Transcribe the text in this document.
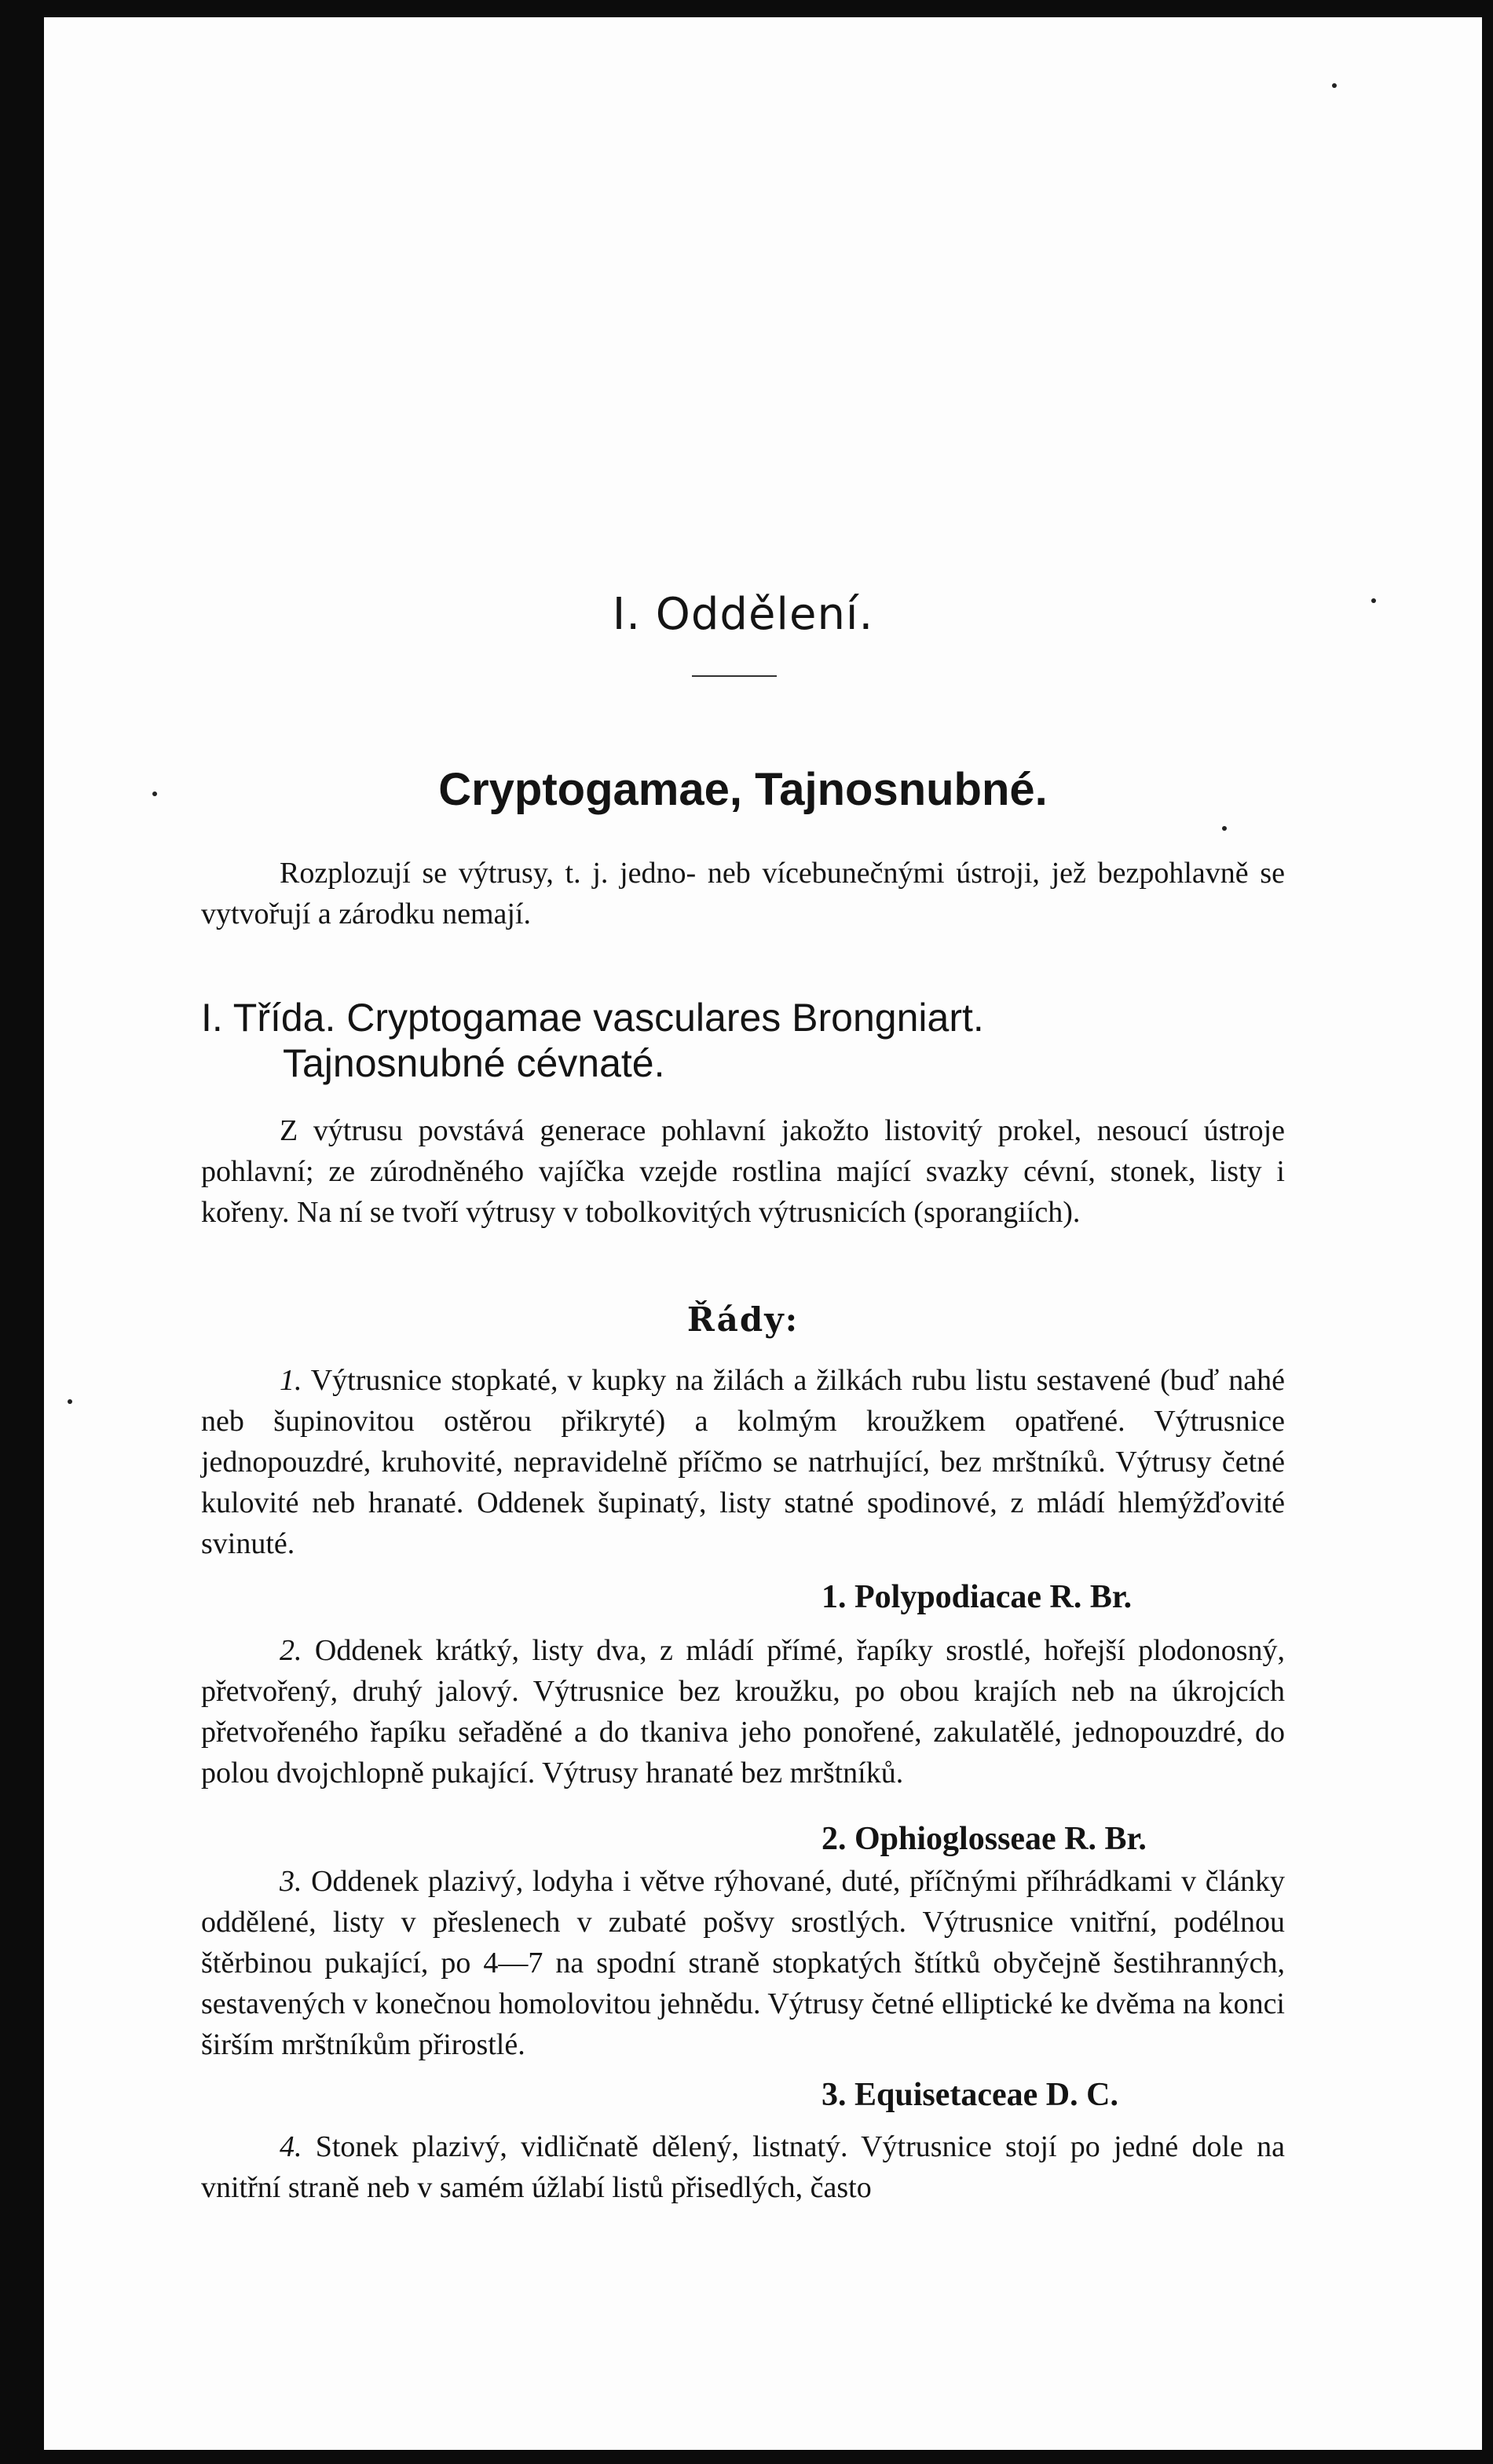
I. Oddělení.
Cryptogamae, Tajnosnubné.

Rozplozují se výtrusy, t. j. jedno- neb vícebunečnými ústroji, jež bezpohlavně se vytvořují a zárodku nemají.

I. Třída. Cryptogamae vasculares Brongniart.
Tajnosnubné cévnaté.

Z výtrusu povstává generace pohlavní jakožto listovitý prokel, nesoucí ústroje pohlavní; ze zúrodněného vajíčka vzejde rostlina mající svazky cévní, stonek, listy i kořeny. Na ní se tvoří výtrusy v tobolkovitých výtrusnicích (sporangiích).

Řády:

1. Výtrusnice stopkaté, v kupky na žilách a žilkách rubu listu sestavené (buď nahé neb šupinovitou ostěrou přikryté) a kolmým kroužkem opatřené. Výtrusnice jednopouzdré, kruhovité, nepravidelně příčmo se natrhující, bez mrštníků. Výtrusy četné kulovité neb hranaté. Oddenek šupinatý, listy statné spodinové, z mládí hlemýžďovité svinuté.

1. Polypodiacae R. Br.

2. Oddenek krátký, listy dva, z mládí přímé, řapíky srostlé, hořejší plodonosný, přetvořený, druhý jalový. Výtrusnice bez kroužku, po obou krajích neb na úkrojcích přetvořeného řapíku seřaděné a do tkaniva jeho ponořené, zakulatělé, jednopouzdré, do polou dvojchlopně pukající. Výtrusy hranaté bez mrštníků.

2. Ophioglosseae R. Br.

3. Oddenek plazivý, lodyha i větve rýhované, duté, příčnými příhrádkami v články oddělené, listy v přeslenech v zubaté pošvy srostlých. Výtrusnice vnitřní, podélnou štěrbinou pukající, po 4—7 na spodní straně stopkatých štítků obyčejně šestihranných, sestavených v konečnou homolovitou jehnědu. Výtrusy četné elliptické ke dvěma na konci širším mrštníkům přirostlé.

3. Equisetaceae D. C.

4. Stonek plazivý, vidličnatě dělený, listnatý. Výtrusnice stojí po jedné dole na vnitřní straně neb v samém úžlabí listů přisedlých, často
